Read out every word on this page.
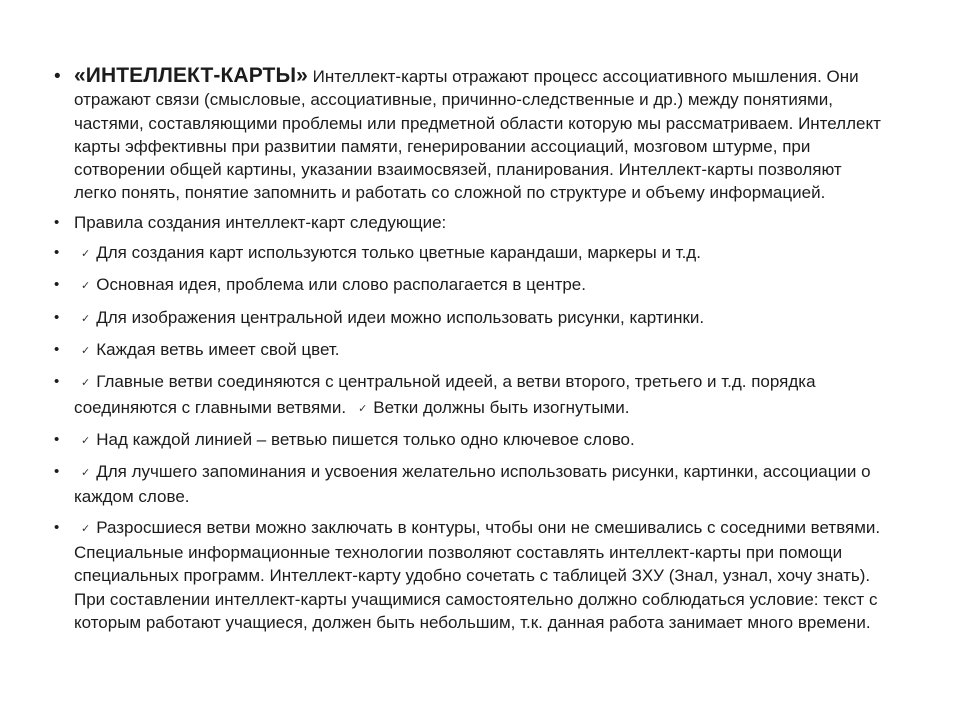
• «ИНТЕЛЛЕКТ-КАРТЫ» Интеллект-карты отражают процесс ассоциативного мышления. Они отражают связи (смысловые, ассоциативные, причинно-следственные и др.) между понятиями, частями, составляющими проблемы или предметной области которую мы рассматриваем. Интеллект карты эффективны при развитии памяти, генерировании ассоциаций, мозговом штурме, при сотворении общей картины, указании взаимосвязей, планирования. Интеллект-карты позволяют легко понять, понятие запомнить и работать со сложной по структуре и объему информацией.
• Правила создания интеллект-карт следующие:
• ✓ Для создания карт используются только цветные карандаши, маркеры и т.д.
• ✓ Основная идея, проблема или слово располагается в центре.
• ✓ Для изображения центральной идеи можно использовать рисунки, картинки.
• ✓ Каждая ветвь имеет свой цвет.
• ✓ Главные ветви соединяются с центральной идеей, а ветви второго, третьего и т.д. порядка соединяются с главными ветвями. ✓ Ветки должны быть изогнутыми.
• ✓ Над каждой линией – ветвью пишется только одно ключевое слово.
• ✓ Для лучшего запоминания и усвоения желательно использовать рисунки, картинки, ассоциации о каждом слове.
• ✓ Разросшиеся ветви можно заключать в контуры, чтобы они не смешивались с соседними ветвями. Специальные информационные технологии позволяют составлять интеллект-карты при помощи специальных программ. Интеллект-карту удобно сочетать с таблицей ЗХУ (Знал, узнал, хочу знать). При составлении интеллект-карты учащимися самостоятельно должно соблюдаться условие: текст с которым работают учащиеся, должен быть небольшим, т.к. данная работа занимает много времени.
